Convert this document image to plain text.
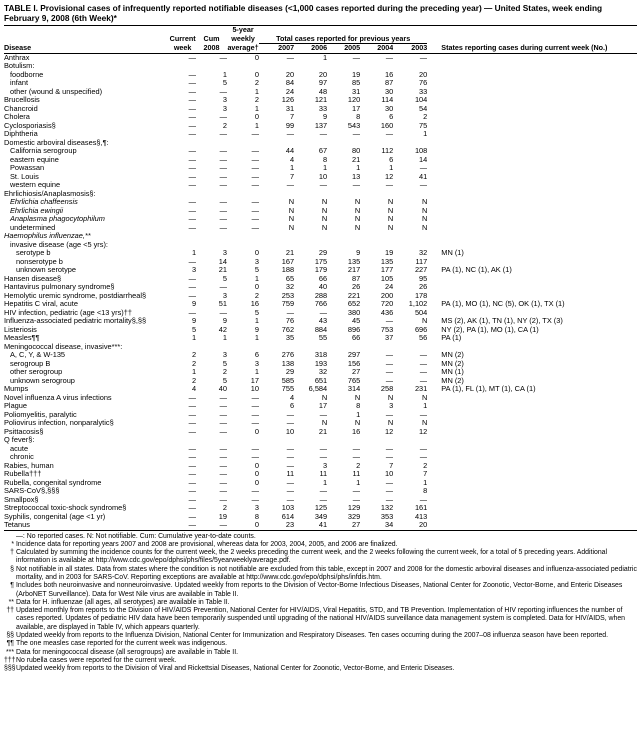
TABLE I. Provisional cases of infrequently reported notifiable diseases (<1,000 cases reported during the preceding year) — United States, week ending February 9, 2008 (6th Week)*
			5-year						
	Current	Cum	weekly	Total cases reported for previous years					
Disease	week	2008	average†	2007	2006	2005	2004	2003	States reporting cases during current week (No.)
Anthrax	—	—	0	—	1	—	—	—	
Botulism:									
foodborne	—	1	0	20	20	19	16	20	
infant	—	5	2	84	97	85	87	76	
other (wound & unspecified)	—	—	1	24	48	31	30	33	
Brucellosis	—	3	2	126	121	120	114	104	
Chancroid	—	3	1	31	33	17	30	54	
Cholera	—	—	0	7	9	8	6	2	
Cyclosporiasis§	—	2	1	99	137	543	160	75	
Diphtheria	—	—	—	—	—	—	—	1	
Domestic arboviral diseases§,¶:									
California serogroup	—	—	—	44	67	80	112	108	
eastern equine	—	—	—	4	8	21	6	14	
Powassan	—	—	—	1	1	1	1	—	
St. Louis	—	—	—	7	10	13	12	41	
western equine	—	—	—	—	—	—	—	—	
Ehrlichiosis/Anaplasmosis§:									
Ehrlichia chaffeensis	—	—	—	N	N	N	N	N	
Ehrlichia ewingii	—	—	—	N	N	N	N	N	
Anaplasma phagocytophilum	—	—	—	N	N	N	N	N	
undetermined	—	—	—	N	N	N	N	N	
Haemophilus influenzae,**									
invasive disease (age <5 yrs):									
serotype b	1	3	0	21	29	9	19	32	MN (1)
nonserotype b	—	14	3	167	175	135	135	117	
unknown serotype	3	21	5	188	179	217	177	227	PA (1), NC (1), AK (1)
Hansen disease§	—	5	1	65	66	87	105	95	
Hantavirus pulmonary syndrome§	—	—	0	32	40	26	24	26	
Hemolytic uremic syndrome, postdiarrheal§	—	3	2	253	288	221	200	178	
Hepatitis C viral, acute	9	51	16	759	766	652	720	1,102	PA (1), MO (1), NC (5), OK (1), TX (1)
HIV infection, pediatric (age <13 yrs)††	—	—	5	—	—	380	436	504	
Influenza-associated pediatric mortality§,§§	9	9	1	76	43	45	—	N	MS (2), AK (1), TN (1), NY (2), TX (3)
Listeriosis	5	42	9	762	884	896	753	696	NY (2), PA (1), MO (1), CA (1)
Measles¶¶	1	1	1	35	55	66	37	56	PA (1)
Meningococcal disease, invasive***:									
A, C, Y, & W-135	2	3	6	276	318	297	—	—	MN (2)
serogroup B	2	5	3	138	193	156	—	—	MN (2)
other serogroup	1	2	1	29	32	27	—	—	MN (1)
unknown serogroup	2	5	17	585	651	765	—	—	MN (2)
Mumps	4	40	10	755	6,584	314	258	231	PA (1), FL (1), MT (1), CA (1)
Novel influenza A virus infections	—	—	—	4	N	N	N	N	
Plague	—	—	—	6	17	8	3	1	
Poliomyelitis, paralytic	—	—	—	—	—	1	—	—	
Poliovirus infection, nonparalytic§	—	—	—	—	N	N	N	N	
Psittacosis§	—	—	0	10	21	16	12	12	
Q fever§:									
acute	—	—	—	—	—	—	—	—	
chronic	—	—	—	—	—	—	—	—	
Rabies, human	—	—	0	—	3	2	7	2	
Rubella†††	—	—	0	11	11	11	10	7	
Rubella, congenital syndrome	—	—	0	—	1	1	—	1	
SARS-CoV§,§§§	—	—	—	—	—	—	—	8	
Smallpox§	—	—	—	—	—	—	—	—	
Streptococcal toxic-shock syndrome§	—	2	3	103	125	129	132	161	
Syphilis, congenital (age <1 yr)	—	19	8	614	349	329	353	413	
Tetanus	—	—	0	23	41	27	34	20	
—: No reported cases. N: Not notifiable. Cum: Cumulative year-to-date counts.
* Incidence data for reporting years 2007 and 2008 are provisional, whereas data for 2003, 2004, 2005, and 2006 are finalized.
† Calculated by summing the incidence counts for the current week, the 2 weeks preceding the current week, and the 2 weeks following the current week, for a total of 5 preceding years. Additional information is available at http://www.cdc.gov/epo/dphsi/phs/files/5yearweeklyaverage.pdf.
§ Not notifiable in all states. Data from states where the condition is not notifiable are excluded from this table, except in 2007 and 2008 for the domestic arboviral diseases and influenza-associated pediatric mortality, and in 2003 for SARS-CoV. Reporting exceptions are available at http://www.cdc.gov/epo/dphsi/phs/infdis.htm.
¶ Includes both neuroinvasive and nonneuroinvasive. Updated weekly from reports to the Division of Vector-Borne Infectious Diseases, National Center for Zoonotic, Vector-Borne, and Enteric Diseases (ArboNET Surveillance). Data for West Nile virus are available in Table II.
** Data for H. influenzae (all ages, all serotypes) are available in Table II.
†† Updated monthly from reports to the Division of HIV/AIDS Prevention, National Center for HIV/AIDS, Viral Hepatitis, STD, and TB Prevention. Implementation of HIV reporting influences the number of cases reported. Updates of pediatric HIV data have been temporarily suspended until upgrading of the national HIV/AIDS surveillance data management system is completed. Data for HIV/AIDS, when available, are displayed in Table IV, which appears quarterly.
§§ Updated weekly from reports to the Influenza Division, National Center for Immunization and Respiratory Diseases. Ten cases occurring during the 2007–08 influenza season have been reported.
¶¶ The one measles case reported for the current week was indigenous.
*** Data for meningococcal disease (all serogroups) are available in Table II.
††† No rubella cases were reported for the current week.
§§§ Updated weekly from reports to the Division of Viral and Rickettsial Diseases, National Center for Zoonotic, Vector-Borne, and Enteric Diseases.
